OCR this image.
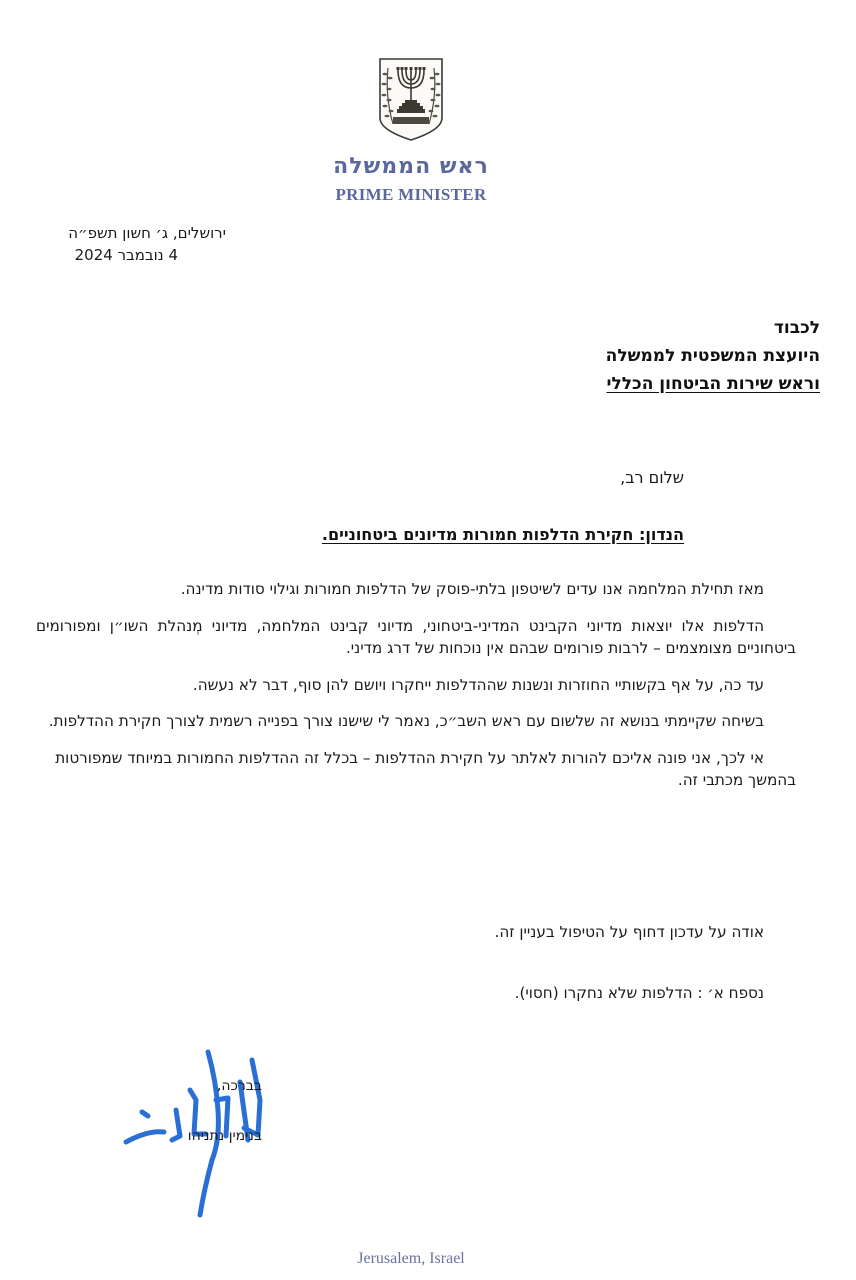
ראש הממשלה
PRIME MINISTER
ירושלים, ג׳ חשון תשפ״ה
4 נובמבר 2024
לכבוד
היועצת המשפטית לממשלה
וראש שירות הביטחון הכללי
שלום רב,
הנדון: חקירת הדלפות חמורות מדיונים ביטחוניים.

מאז תחילת המלחמה אנו עדים לשיטפון בלתי-פוסק של הדלפות חמורות וגילוי סודות מדינה.

הדלפות אלו יוצאות מדיוני הקבינט המדיני-ביטחוני, מדיוני קבינט המלחמה, מדיוני מְנהלת השו״ן ומפורומים ביטחוניים מצומצמים – לרבות פורומים שבהם אין נוכחות של דרג מדיני.

עד כה, על אף בקשותיי החוזרות ונשנות שההדלפות ייחקרו ויושם להן סוף, דבר לא נעשה.

בשיחה שקיימתי בנושא זה שלשום עם ראש השב״כ, נאמר לי שישנו צורך בפנייה רשמית לצורך חקירת ההדלפות.

אי לכך, אני פונה אליכם להורות לאלתר על חקירת ההדלפות – בכלל זה ההדלפות החמורות במיוחד שמפורטות בהמשך מכתבי זה.

אודה על עדכון דחוף על הטיפול בעניין זה.
נספח א׳ : הדלפות שלא נחקרו (חסוי).
בברכה,
בנימין נתניהו
Jerusalem, Israel
